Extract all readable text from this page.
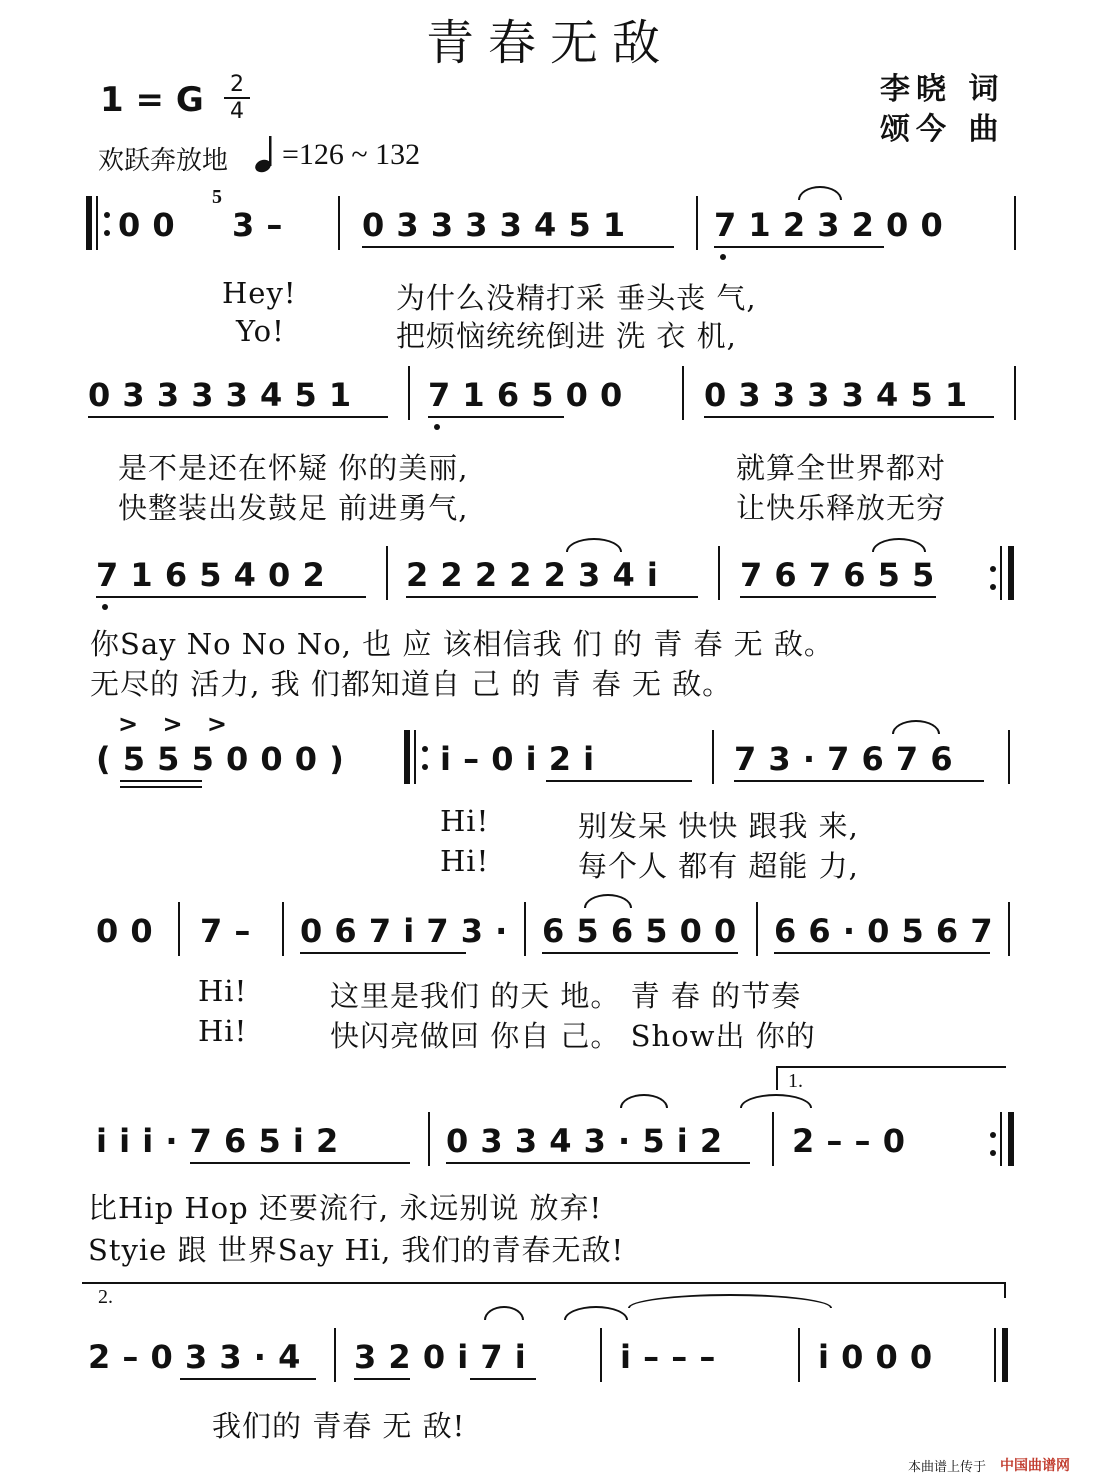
青春无敌
李晓 词
颂今 曲
1 = G	2
4
欢跃奔放地 =126 ~ 132
0 0
5
3 – 0 3 3 3 3 4 5 1	7 1 2 3 2 0 0
Hey!	为什么没精打采 垂头丧 气,
Yo!	把烦恼统统倒进 洗 衣 机,
0 3 3 3 3 4 5 1 7 1 6 5 0 0	0 3 3 3 3 4 5 1
是不是还在怀疑 你的美丽,	就算全世界都对
快整装出发鼓足 前进勇气,	让快乐释放无穷
7 1 6 5 4 0 2	2 2 2 2 2 3 4 i	7 6 7 6 5 5
你Say No No No, 也 应 该相信我 们 的 青 春 无 敌。
无尽的 活力, 我 们都知道自 己 的 青 春 无 敌。
> > >
( 5 5 5 0 0 0 )	i – 0 i 2 i	7 3 · 7 6 7 6
Hi!	别发呆 快快 跟我 来,
Hi!	每个人 都有 超能 力,
0 0 7 – 0 6 7 i 7 3 · 6 5 6 5 0 0 6 6 · 0 5 6 7
Hi!	这里是我们 的天 地。 青 春 的节奏
Hi!	快闪亮做回 你自 己。 Show出 你的
1.
i i i · 7 6 5 i 2	0 3 3 4 3 · 5 i 2 2 – – 0
比Hip Hop 还要流行, 永远别说 放弃!
Styie 跟 世界Say Hi, 我们的青春无敌!
2.
2 – 0 3 3 · 4 3 2 0 i 7 i	i – – –	i 0 0 0
我们的 青春 无 敌!
本曲谱上传于 中国曲谱网
